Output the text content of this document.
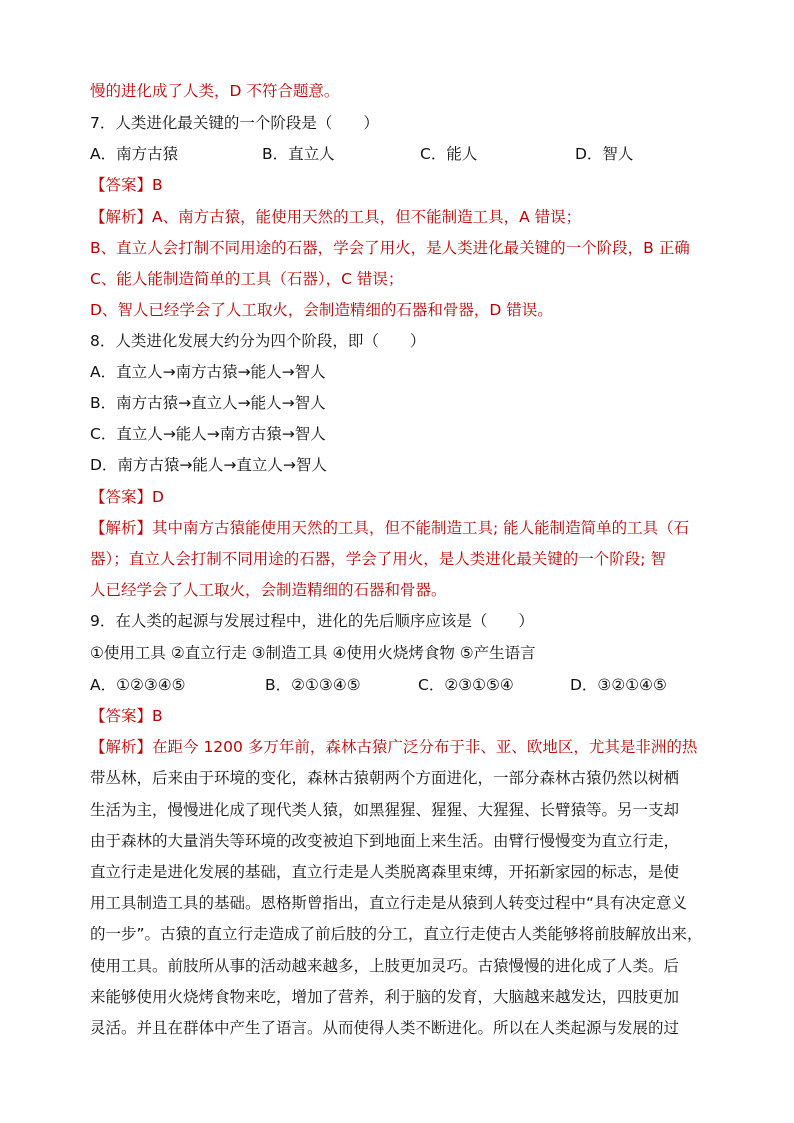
慢的进化成了人类，D 不符合题意。
7．人类进化最关键的一个阶段是（　　）
A．南方古猿	B．直立人	C．能人	D．智人
【答案】B
【解析】A、南方古猿，能使用天然的工具，但不能制造工具，A 错误；
B、直立人会打制不同用途的石器，学会了用火，是人类进化最关键的一个阶段，B 正确
C、能人能制造简单的工具（石器），C 错误；
D、智人已经学会了人工取火，会制造精细的石器和骨器，D 错误。
8．人类进化发展大约分为四个阶段，即（　　）
A．直立人→南方古猿→能人→智人
B．南方古猿→直立人→能人→智人
C．直立人→能人→南方古猿→智人
D．南方古猿→能人→直立人→智人
【答案】D
【解析】其中南方古猿能使用天然的工具，但不能制造工具; 能人能制造简单的工具（石
器）；直立人会打制不同用途的石器，学会了用火，是人类进化最关键的一个阶段; 智
人已经学会了人工取火，会制造精细的石器和骨器。
9．在人类的起源与发展过程中，进化的先后顺序应该是（　　）
①使用工具 ②直立行走 ③制造工具 ④使用火烧烤食物 ⑤产生语言
A．①②③④⑤	B．②①③④⑤	C．②③①⑤④	D．③②①④⑤
【答案】B
【解析】在距今 1200 多万年前，森林古猿广泛分布于非、亚、欧地区，尤其是非洲的热
带丛林，后来由于环境的变化，森林古猿朝两个方面进化，一部分森林古猿仍然以树栖
生活为主，慢慢进化成了现代类人猿，如黑猩猩、猩猩、大猩猩、长臂猿等。另一支却
由于森林的大量消失等环境的改变被迫下到地面上来生活。由臂行慢慢变为直立行走，
直立行走是进化发展的基础，直立行走是人类脱离森里束缚，开拓新家园的标志，是使
用工具制造工具的基础。恩格斯曾指出，直立行走是从猿到人转变过程中“具有决定意义
的一步”。古猿的直立行走造成了前后肢的分工，直立行走使古人类能够将前肢解放出来，
使用工具。前肢所从事的活动越来越多，上肢更加灵巧。古猿慢慢的进化成了人类。后
来能够使用火烧烤食物来吃，增加了营养，利于脑的发育，大脑越来越发达，四肢更加
灵活。并且在群体中产生了语言。从而使得人类不断进化。所以在人类起源与发展的过
